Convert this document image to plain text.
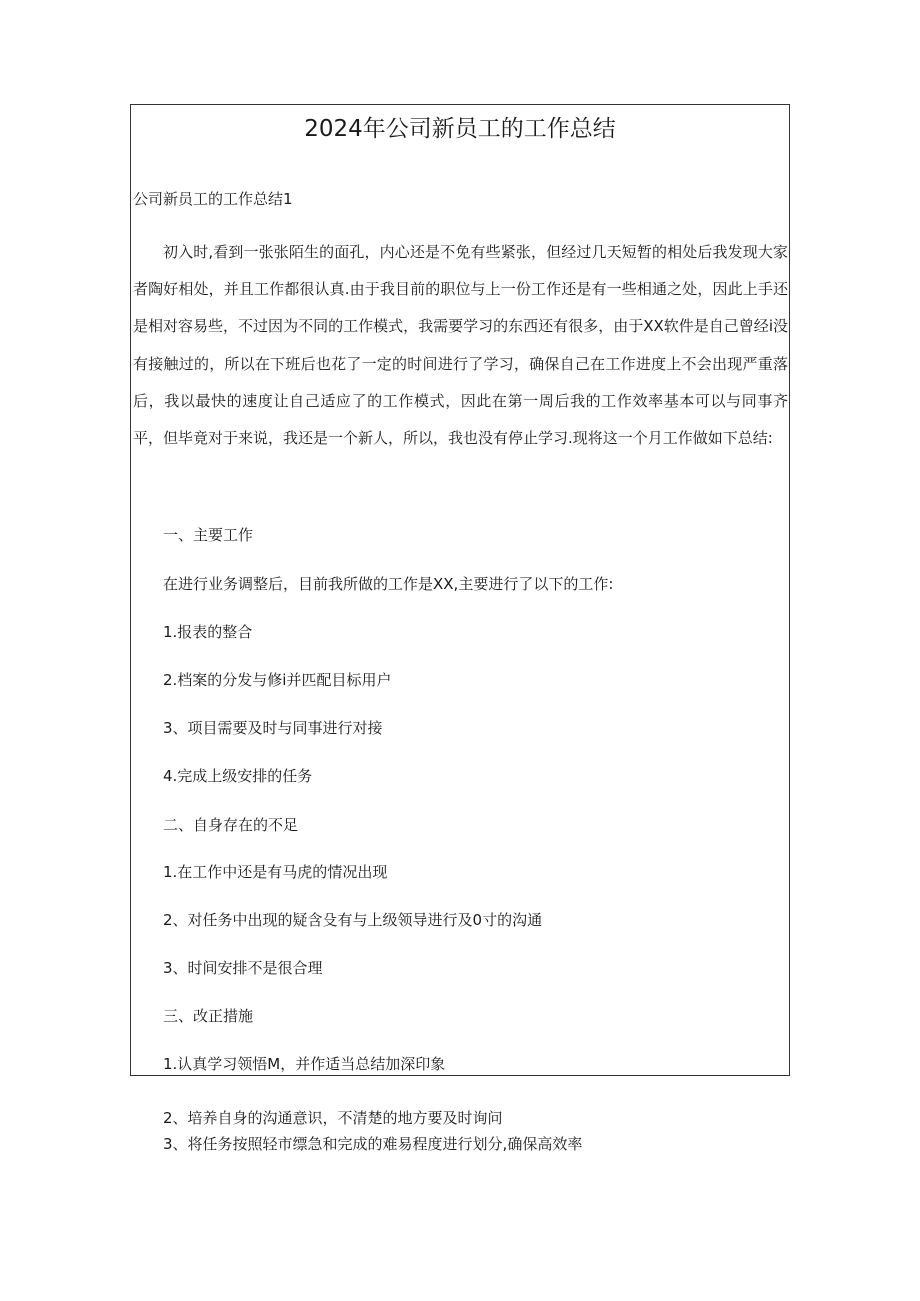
2024年公司新员工的工作总结

公司新员工的工作总结1

初入时,看到一张张陌生的面孔，内心还是不免有些紧张，但经过几天短暂的相处后我发现大家者陶好相处，并且工作都很认真.由于我目前的职位与上一份工作还是有一些相通之处，因此上手还是相对容易些，不过因为不同的工作模式，我需要学习的东西还有很多，由于XX软件是自己曾经i没有接触过的，所以在下班后也花了一定的时间进行了学习，确保自己在工作进度上不会出现严重落后，我以最快的速度让自己适应了的工作模式，因此在第一周后我的工作效率基本可以与同事齐平，但毕竟对于来说，我还是一个新人，所以，我也没有停止学习.现将这一个月工作做如下总结:

一、主要工作

在进行业务调整后，目前我所做的工作是XX,主要进行了以下的工作:

1.报表的整合

2.档案的分发与修i并匹配目标用户

3、项目需要及时与同事进行对接

4.完成上级安排的任务

二、自身存在的不足

1.在工作中还是有马虎的情况出现

2、对任务中出现的疑含殳有与上级领导进行及0寸的沟通

3、时间安排不是很合理

三、改正措施

1.认真学习领悟M，并作适当总结加深印象

2、培养自身的沟通意识，不清楚的地方要及时询问

3、将任务按照轻市缥急和完成的难易程度进行划分,确保高效率
